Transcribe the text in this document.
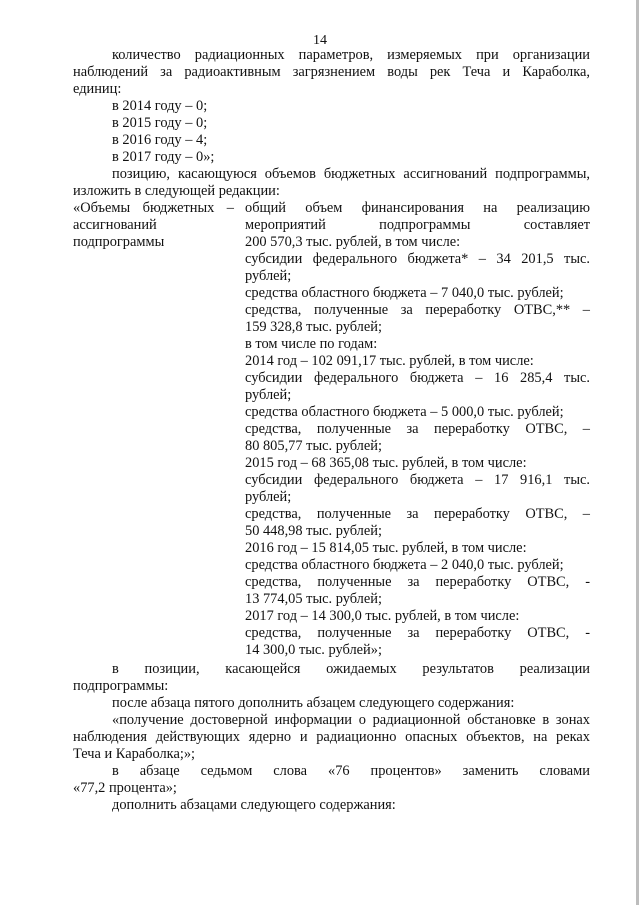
14
количество радиационных параметров, измеряемых при организации
наблюдений за радиоактивным загрязнением воды рек Теча и Караболка,
единиц:
в 2014 году – 0;
в 2015 году – 0;
в 2016 году – 4;
в 2017 году – 0»;
позицию, касающуюся объемов бюджетных ассигнований подпрограммы,
изложить в следующей редакции:
«Объемы бюджетных –
ассигнований
подпрограммы
общий объем финансирования на реализацию
мероприятий подпрограммы составляет
200 570,3 тыс. рублей, в том числе:
субсидии федерального бюджета* – 34 201,5 тыс.
рублей;
средства областного бюджета – 7 040,0 тыс. рублей;
средства, полученные за переработку ОТВС,** –
159 328,8 тыс. рублей;
в том числе по годам:
2014 год – 102 091,17 тыс. рублей, в том числе:
субсидии федерального бюджета – 16 285,4 тыс.
рублей;
средства областного бюджета – 5 000,0 тыс. рублей;
средства, полученные за переработку ОТВС, –
80 805,77 тыс. рублей;
2015 год – 68 365,08 тыс. рублей, в том числе:
субсидии федерального бюджета – 17 916,1 тыс.
рублей;
средства, полученные за переработку ОТВС, –
50 448,98 тыс. рублей;
2016 год – 15 814,05 тыс. рублей, в том числе:
средства областного бюджета – 2 040,0 тыс. рублей;
средства, полученные за переработку ОТВС, -
13 774,05 тыс. рублей;
2017 год – 14 300,0 тыс. рублей, в том числе:
средства, полученные за переработку ОТВС, -
14 300,0 тыс. рублей»;
в позиции, касающейся ожидаемых результатов реализации
подпрограммы:
после абзаца пятого дополнить абзацем следующего содержания:
«получение достоверной информации о радиационной обстановке в зонах
наблюдения действующих ядерно и радиационно опасных объектов, на реках
Теча и Караболка;»;
в абзаце седьмом слова «76 процентов» заменить словами
«77,2 процента»;
дополнить абзацами следующего содержания:
